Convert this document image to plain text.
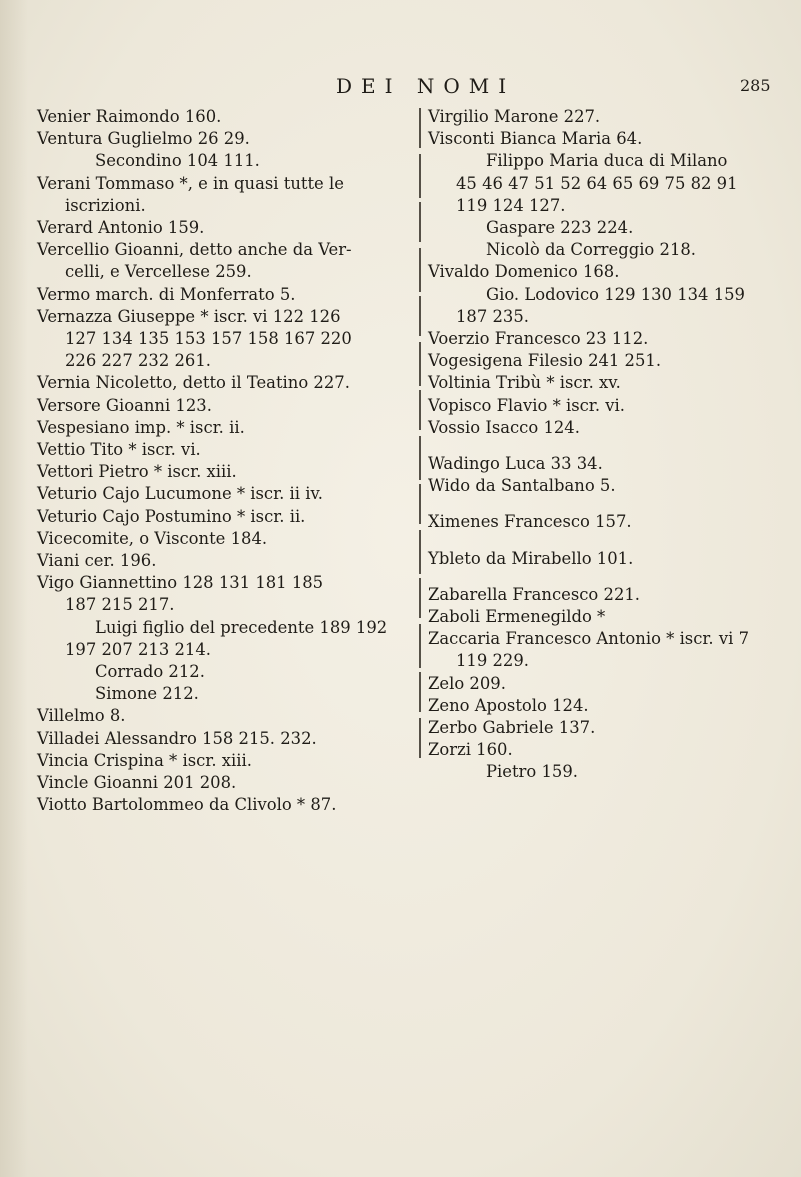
DEI NOMI	285
Venier Raimondo 160.
Ventura Guglielmo 26 29.
Secondino 104 111.
Verani Tommaso *, e in quasi tutte le
iscrizioni.
Verard Antonio 159.
Vercellio Gioanni, detto anche da Ver-
celli, e Vercellese 259.
Vermo march. di Monferrato 5.
Vernazza Giuseppe * iscr. vi 122 126
127 134 135 153 157 158 167 220
226 227 232 261.
Vernia Nicoletto, detto il Teatino 227.
Versore Gioanni 123.
Vespesiano imp. * iscr. ii.
Vettio Tito * iscr. vi.
Vettori Pietro * iscr. xiii.
Veturio Cajo Lucumone * iscr. ii iv.
Veturio Cajo Postumino * iscr. ii.
Vicecomite, o Visconte 184.
Viani cer. 196.
Vigo Giannettino 128 131 181 185
187 215 217.
Luigi figlio del precedente 189 192
197 207 213 214.
Corrado 212.
Simone 212.
Villelmo 8.
Villadei Alessandro 158 215. 232.
Vincia Crispina * iscr. xiii.
Vincle Gioanni 201 208.
Viotto Bartolommeo da Clivolo * 87.
Virgilio Marone 227.
Visconti Bianca Maria 64.
Filippo Maria duca di Milano
45 46 47 51 52 64 65 69 75 82 91
119 124 127.
Gaspare 223 224.
Nicolò da Correggio 218.
Vivaldo Domenico 168.
Gio. Lodovico 129 130 134 159
187 235.
Voerzio Francesco 23 112.
Vogesigena Filesio 241 251.
Voltinia Tribù * iscr. xv.
Vopisco Flavio * iscr. vi.
Vossio Isacco 124.
Wadingo Luca 33 34.
Wido da Santalbano 5.
Ximenes Francesco 157.
Ybleto da Mirabello 101.
Zabarella Francesco 221.
Zaboli Ermenegildo *
Zaccaria Francesco Antonio * iscr. vi 7
119 229.
Zelo 209.
Zeno Apostolo 124.
Zerbo Gabriele 137.
Zorzi 160.
Pietro 159.
